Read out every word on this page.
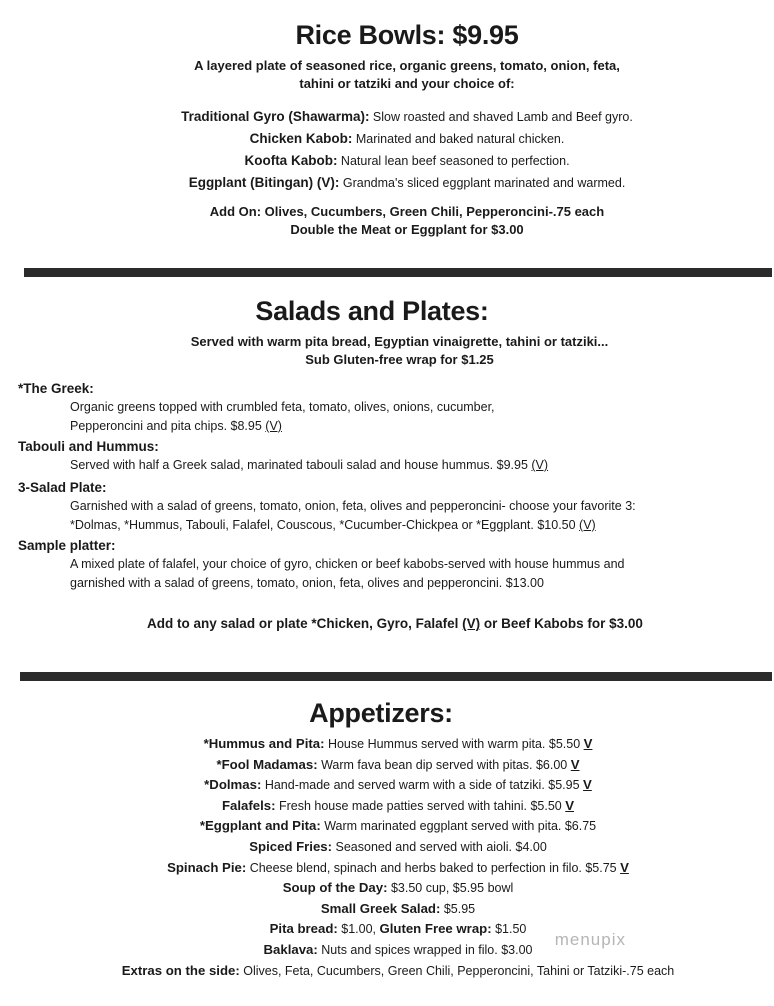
Rice Bowls: $9.95
A layered plate of seasoned rice, organic greens, tomato, onion, feta,
tahini or tatziki and your choice of:
Traditional Gyro (Shawarma): Slow roasted and shaved Lamb and Beef gyro.
Chicken Kabob: Marinated and baked natural chicken.
Koofta Kabob: Natural lean beef seasoned to perfection.
Eggplant (Bitingan) (V): Grandma's sliced eggplant marinated and warmed.
Add On: Olives, Cucumbers, Green Chili, Pepperoncini-.75 each
Double the Meat or Eggplant for $3.00
Salads and Plates:
Served with warm pita bread, Egyptian vinaigrette, tahini or tatziki...
Sub Gluten-free wrap for $1.25
*The Greek:
Organic greens topped with crumbled feta, tomato, olives, onions, cucumber,
Pepperoncini and pita chips. $8.95 (V)
Tabouli and Hummus:
Served with half a Greek salad, marinated tabouli salad and house hummus. $9.95 (V)
3-Salad Plate:
Garnished with a salad of greens, tomato, onion, feta, olives and pepperoncini- choose your favorite 3:
*Dolmas, *Hummus, Tabouli, Falafel, Couscous, *Cucumber-Chickpea or *Eggplant. $10.50 (V)
Sample platter:
A mixed plate of falafel, your choice of gyro, chicken or beef kabobs-served with house hummus and
garnished with a salad of greens, tomato, onion, feta, olives and pepperoncini. $13.00
Add to any salad or plate *Chicken, Gyro, Falafel (V) or Beef Kabobs for $3.00
Appetizers:
*Hummus and Pita: House Hummus served with warm pita. $5.50 V
*Fool Madamas: Warm fava bean dip served with pitas. $6.00 V
*Dolmas: Hand-made and served warm with a side of tatziki. $5.95 V
Falafels: Fresh house made patties served with tahini. $5.50 V
*Eggplant and Pita: Warm marinated eggplant served with pita. $6.75
Spiced Fries: Seasoned and served with aioli. $4.00
Spinach Pie: Cheese blend, spinach and herbs baked to perfection in filo. $5.75 V
Soup of the Day: $3.50 cup, $5.95 bowl
Small Greek Salad: $5.95
Pita bread: $1.00, Gluten Free wrap: $1.50
Baklava: Nuts and spices wrapped in filo. $3.00
Extras on the side: Olives, Feta, Cucumbers, Green Chili, Pepperoncini, Tahini or Tatziki-.75 each
menupix
